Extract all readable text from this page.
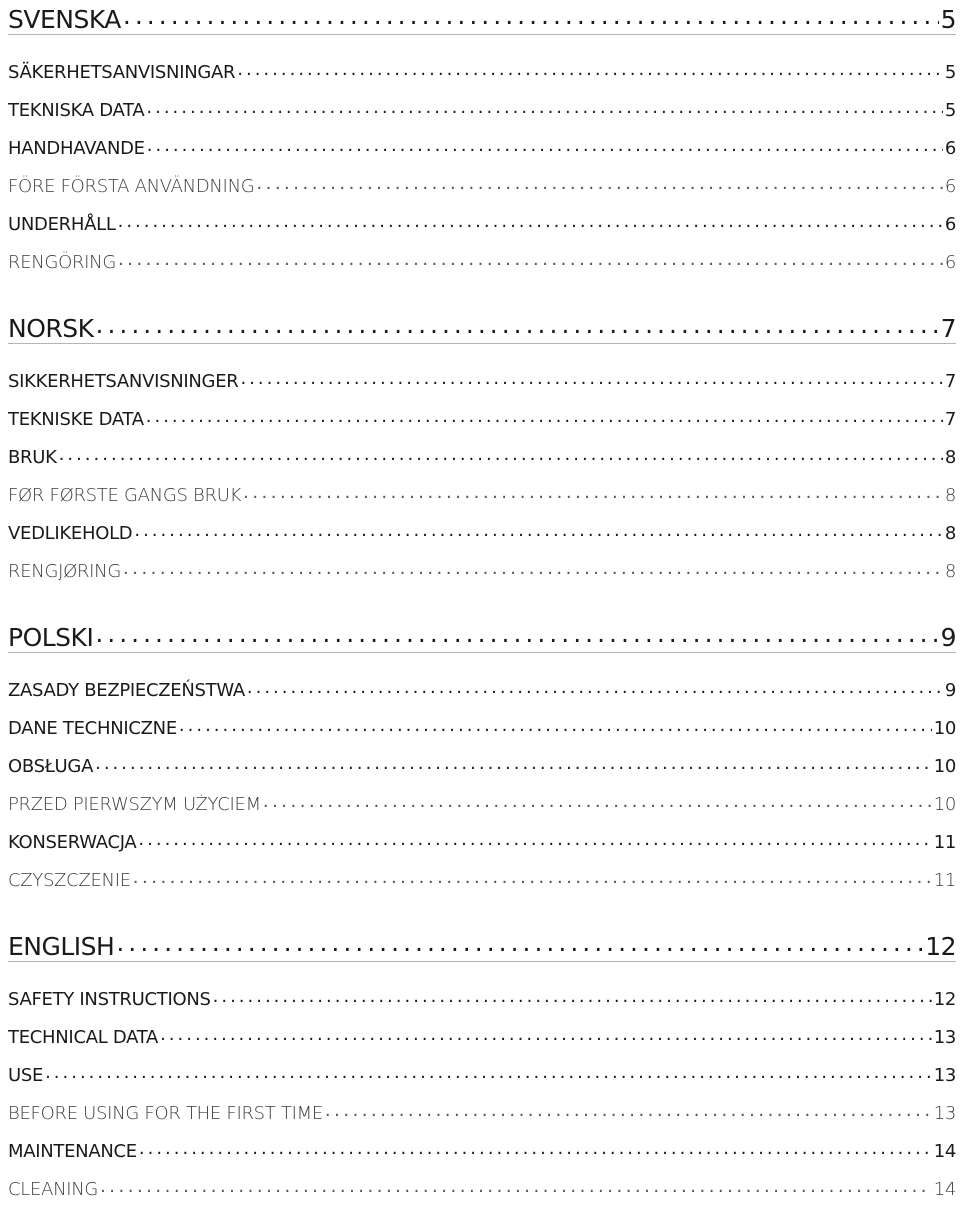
SVENSKA .....	5
SÄKERHETSANVISNINGAR .....	5
TEKNISKA DATA .....	5
HANDHAVANDE .....	6
FÖRE FÖRSTA ANVÄNDNING .....	6
UNDERHÅLL .....	6
RENGÖRING .....	6
NORSK .....	7
SIKKERHETSANVISNINGER .....	7
TEKNISKE DATA .....	7
BRUK .....	8
FØR FØRSTE GANGS BRUK .....	8
VEDLIKEHOLD .....	8
RENGJØRING .....	8
POLSKI .....	9
ZASADY BEZPIECZEŃSTWA .....	9
DANE TECHNICZNE .....	10
OBSŁUGA .....	10
PRZED PIERWSZYM UŻYCIEM .....	10
KONSERWACJA .....	11
CZYSZCZENIE .....	11
ENGLISH .....	12
SAFETY INSTRUCTIONS .....	12
TECHNICAL DATA .....	13
USE .....	13
BEFORE USING FOR THE FIRST TIME .....	13
MAINTENANCE .....	14
CLEANING .....	14
